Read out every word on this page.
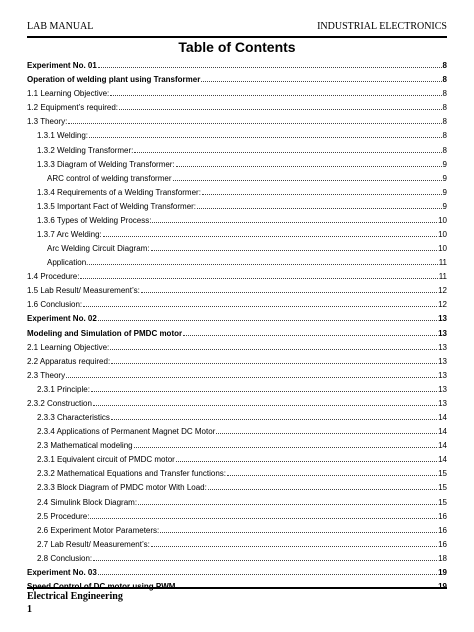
LAB MANUAL	INDUSTRIAL ELECTRONICS
Table of Contents
Experiment No. 01	8
Operation of welding plant using Transformer	8
1.1 Learning Objective:	8
1.2 Equipment’s required:	8
1.3 Theory:	8
1.3.1 Welding:	8
1.3.2 Welding Transformer:	8
1.3.3 Diagram of Welding Transformer:	9
ARC control of welding transformer	9
1.3.4 Requirements of a Welding Transformer:	9
1.3.5 Important Fact of Welding Transformer:	9
1.3.6 Types of Welding Process:	10
1.3.7 Arc Welding:	10
Arc Welding Circuit Diagram:	10
Application.	11
1.4 Procedure:	11
1.5 Lab Result/ Measurement’s:	12
1.6 Conclusion:	12
Experiment No. 02	13
Modeling and Simulation of PMDC motor	13
2.1 Learning Objective:	13
2.2 Apparatus required:	13
2.3 Theory	13
2.3.1 Principle:	13
2.3.2 Construction	13
2.3.3 Characteristics	14
2.3.4 Applications of Permanent Magnet DC Motor	14
2.3 Mathematical modeling	14
2.3.1 Equivalent circuit of PMDC motor	14
2.3.2 Mathematical Equations and Transfer functions:	15
2.3.3 Block Diagram of PMDC motor With Load:	15
2.4 Simulink Block Diagram:	15
2.5 Procedure:	16
2.6 Experiment Motor Parameters:	16
2.7 Lab Result/ Measurement’s:	16
2.8 Conclusion:	18
Experiment No. 03	19
Speed Control of DC motor using PWM	19
Electrical Engineering
1
